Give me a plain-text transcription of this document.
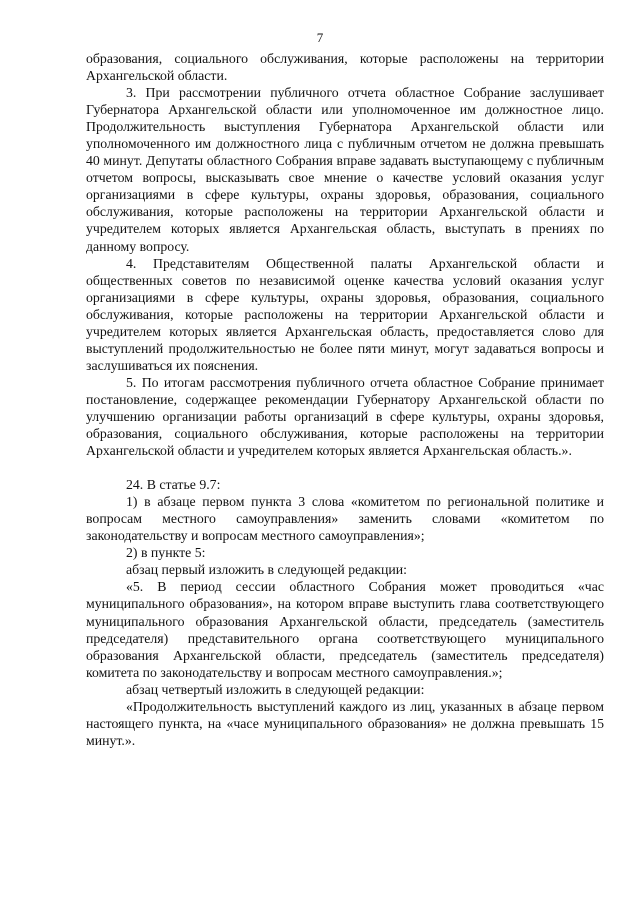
7

образования, социального обслуживания, которые расположены на территории Архангельской области.

3. При рассмотрении публичного отчета областное Собрание заслушивает Губернатора Архангельской области или уполномоченное им должностное лицо. Продолжительность выступления Губернатора Архангельской области или уполномоченного им должностного лица с публичным отчетом не должна превышать 40 минут. Депутаты областного Собрания вправе задавать выступающему с публичным отчетом вопросы, высказывать свое мнение о качестве условий оказания услуг организациями в сфере культуры, охраны здоровья, образования, социального обслуживания, которые расположены на территории Архангельской области и учредителем которых является Архангельская область, выступать в прениях по данному вопросу.

4. Представителям Общественной палаты Архангельской области и общественных советов по независимой оценке качества условий оказания услуг организациями в сфере культуры, охраны здоровья, образования, социального обслуживания, которые расположены на территории Архангельской области и учредителем которых является Архангельская область, предоставляется слово для выступлений продолжительностью не более пяти минут, могут задаваться вопросы и заслушиваться их пояснения.

5. По итогам рассмотрения публичного отчета областное Собрание принимает постановление, содержащее рекомендации Губернатору Архангельской области по улучшению организации работы организаций в сфере культуры, охраны здоровья, образования, социального обслуживания, которые расположены на территории Архангельской области и учредителем которых является Архангельская область.».

24. В статье 9.7:

1) в абзаце первом пункта 3 слова «комитетом по региональной политике и вопросам местного самоуправления» заменить словами «комитетом по законодательству и вопросам местного самоуправления»;

2) в пункте 5:

абзац первый изложить в следующей редакции:

«5. В период сессии областного Собрания может проводиться «час муниципального образования», на котором вправе выступить глава соответствующего муниципального образования Архангельской области, председатель (заместитель председателя) представительного органа соответствующего муниципального образования Архангельской области, председатель (заместитель председателя) комитета по законодательству и вопросам местного самоуправления.»;

абзац четвертый изложить в следующей редакции:

«Продолжительность выступлений каждого из лиц, указанных в абзаце первом настоящего пункта, на «часе муниципального образования» не должна превышать 15 минут.».
